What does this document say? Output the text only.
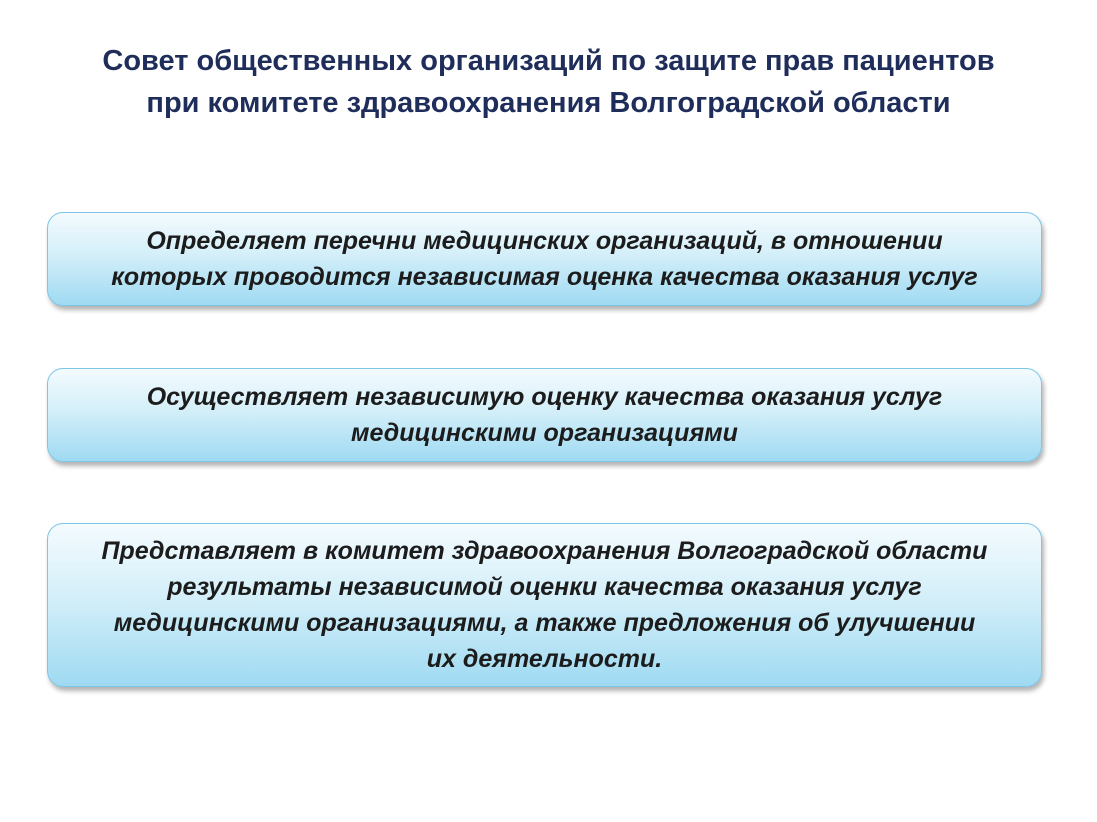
Совет общественных организаций по защите прав пациентов
при комитете здравоохранения Волгоградской области
Определяет перечни медицинских организаций, в отношении
которых проводится независимая оценка качества оказания услуг
Осуществляет независимую оценку качества оказания услуг
медицинскими организациями
Представляет в комитет здравоохранения Волгоградской области
результаты независимой оценки качества оказания услуг
медицинскими организациями, а также предложения об улучшении
их деятельности.
